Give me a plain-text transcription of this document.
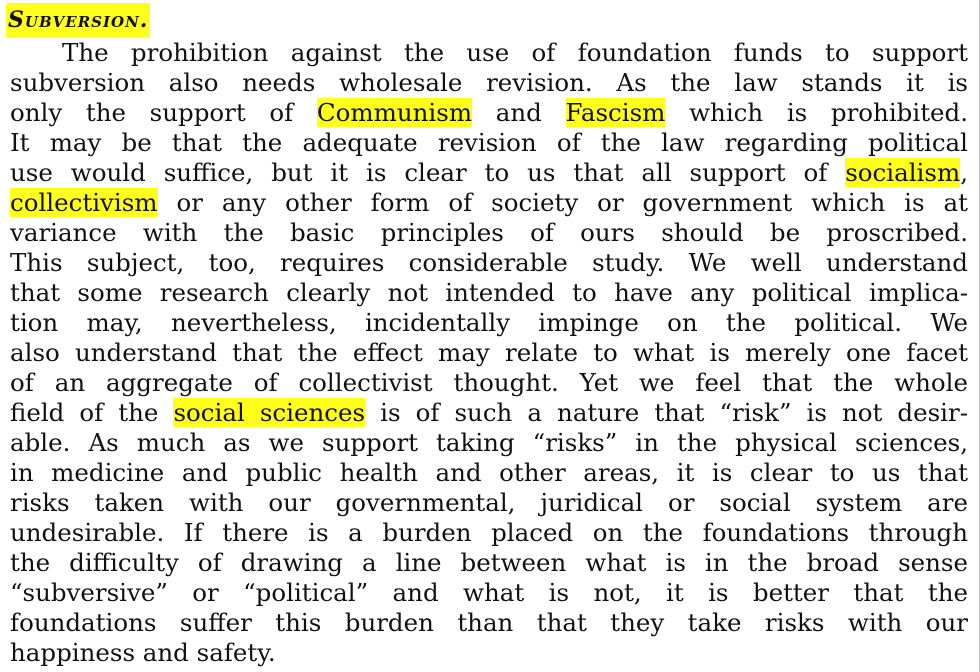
Subversion.

The prohibition against the use of foundation funds to support

subversion also needs wholesale revision. As the law stands it is

only the support of Communism and Fascism which is prohibited.

It may be that the adequate revision of the law regarding political

use would suffice, but it is clear to us that all support of socialism,

collectivism or any other form of society or government which is at

variance with the basic principles of ours should be proscribed.

This subject, too, requires considerable study. We well understand

that some research clearly not intended to have any political implica-

tion may, nevertheless, incidentally impinge on the political. We

also understand that the effect may relate to what is merely one facet

of an aggregate of collectivist thought. Yet we feel that the whole

field of the social sciences is of such a nature that “risk” is not desir-

able. As much as we support taking “risks” in the physical sciences,

in medicine and public health and other areas, it is clear to us that

risks taken with our governmental, juridical or social system are

undesirable. If there is a burden placed on the foundations through

the difficulty of drawing a line between what is in the broad sense

“subversive” or “political” and what is not, it is better that the

foundations suffer this burden than that they take risks with our

happiness and safety.
